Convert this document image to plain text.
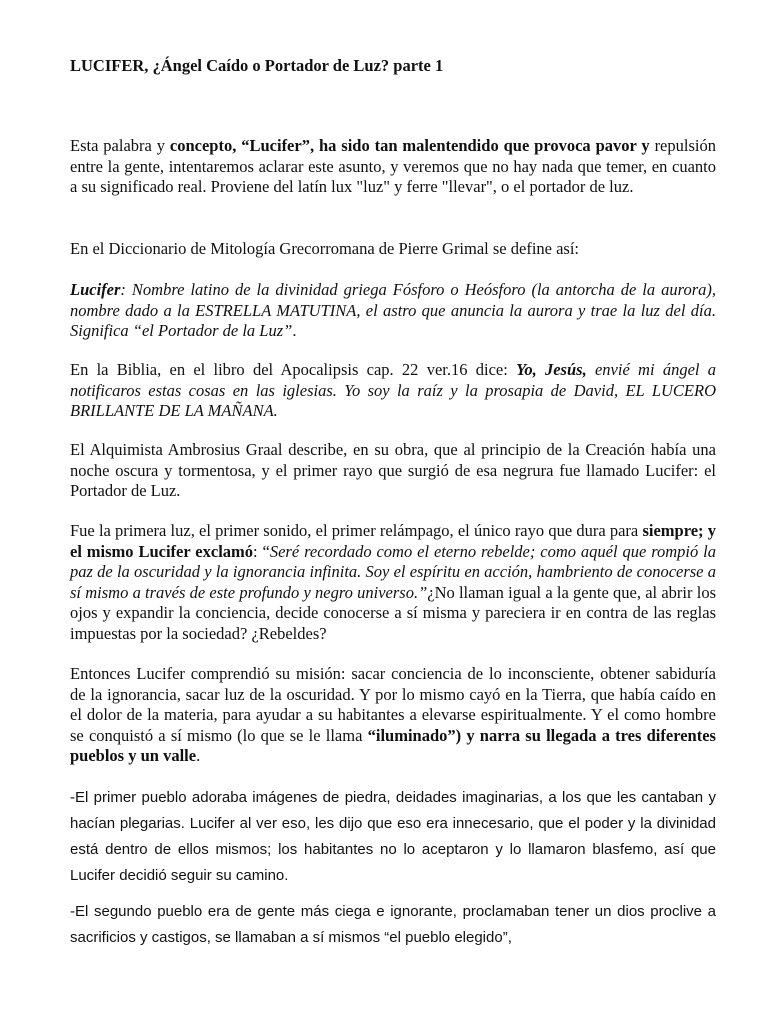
LUCIFER, ¿Ángel Caído o Portador de Luz? parte 1

Esta palabra y concepto, “Lucifer”, ha sido tan malentendido que provoca pavor y repulsión entre la gente, intentaremos aclarar este asunto, y veremos que no hay nada que temer, en cuanto a su significado real. Proviene del latín lux "luz" y ferre "llevar", o el portador de luz.

En el Diccionario de Mitología Grecorromana de Pierre Grimal se define así:

Lucifer: Nombre latino de la divinidad griega Fósforo o Heósforo (la antorcha de la aurora), nombre dado a la ESTRELLA MATUTINA, el astro que anuncia la aurora y trae la luz del día. Significa “el Portador de la Luz”.

En la Biblia, en el libro del Apocalipsis cap. 22 ver.16 dice: Yo, Jesús, envié mi ángel a notificaros estas cosas en las iglesias. Yo soy la raíz y la prosapia de David, EL LUCERO BRILLANTE DE LA MAÑANA.

El Alquimista Ambrosius Graal describe, en su obra, que al principio de la Creación había una noche oscura y tormentosa, y el primer rayo que surgió de esa negrura fue llamado Lucifer: el Portador de Luz.

Fue la primera luz, el primer sonido, el primer relámpago, el único rayo que dura para siempre; y el mismo Lucifer exclamó: “Seré recordado como el eterno rebelde; como aquél que rompió la paz de la oscuridad y la ignorancia infinita. Soy el espíritu en acción, hambriento de conocerse a sí mismo a través de este profundo y negro universo.”¿No llaman igual a la gente que, al abrir los ojos y expandir la conciencia, decide conocerse a sí misma y pareciera ir en contra de las reglas impuestas por la sociedad? ¿Rebeldes?

Entonces Lucifer comprendió su misión: sacar conciencia de lo inconsciente, obtener sabiduría de la ignorancia, sacar luz de la oscuridad. Y por lo mismo cayó en la Tierra, que había caído en el dolor de la materia, para ayudar a su habitantes a elevarse espiritualmente. Y el como hombre se conquistó a sí mismo (lo que se le llama “iluminado”) y narra su llegada a tres diferentes pueblos y un valle.

-El primer pueblo adoraba imágenes de piedra, deidades imaginarias, a los que les cantaban y hacían plegarias. Lucifer al ver eso, les dijo que eso era innecesario, que el poder y la divinidad está dentro de ellos mismos; los habitantes no lo aceptaron y lo llamaron blasfemo, así que Lucifer decidió seguir su camino.

-El segundo pueblo era de gente más ciega e ignorante, proclamaban tener un dios proclive a sacrificios y castigos, se llamaban a sí mismos “el pueblo elegido”,
